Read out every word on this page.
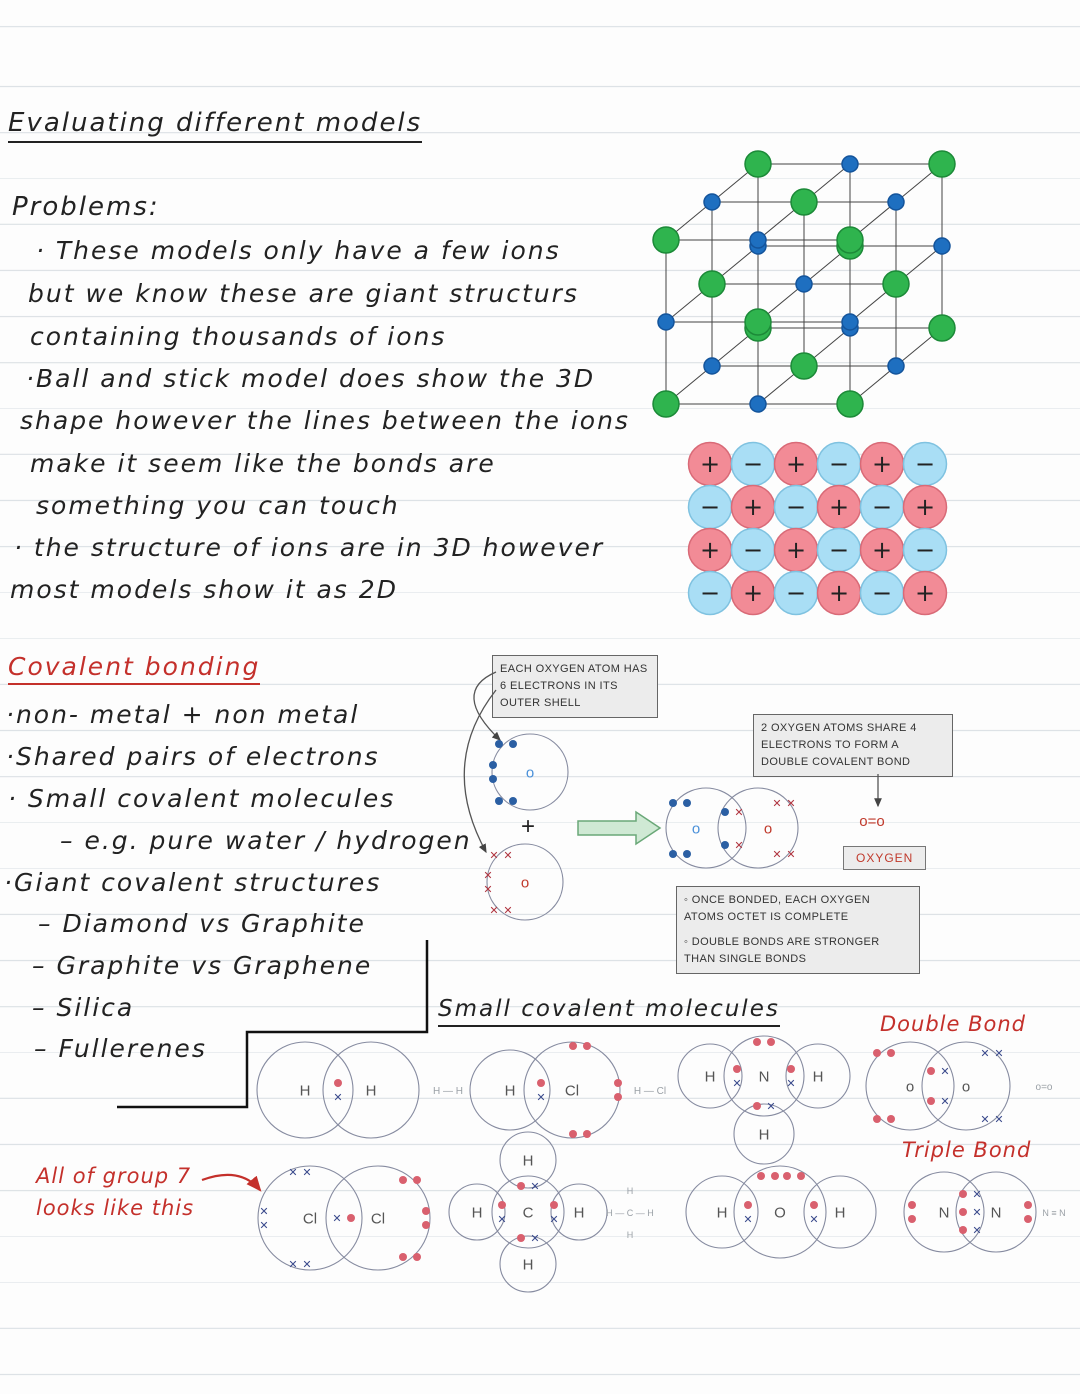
Evaluating different models
Problems:
· These models only have a few ions
but we know these are giant structurs
containing thousands of ions
·Ball and stick model does show the 3D
shape however the lines between the ions
make it seem like the bonds are
something you can touch
· the structure of ions are in 3D however
most models show it as 2D
Covalent bonding
·non- metal + non metal
·Shared pairs of electrons
· Small covalent molecules
– e.g. pure water / hydrogen
·Giant covalent structures
– Diamond vs Graphite
– Graphite vs Graphene
– Silica
– Fullerenes
EACH OXYGEN ATOM HAS 6 ELECTRONS IN ITS OUTER SHELL
2 OXYGEN ATOMS SHARE 4 ELECTRONS TO FORM A DOUBLE COVALENT BOND
OXYGEN

◦ ONCE BONDED, EACH OXYGEN ATOMS OCTET IS COMPLETE

◦ DOUBLE BONDS ARE STRONGER THAN SINGLE BONDS

Small covalent molecules
Double Bond
Triple Bond
All of group 7
looks like this
+ − + − + −
− + − + − +
+ − + − + −
− + − + − +
o
o
✕ ✕
✕
✕
✕ ✕
o	o
✕
✕
✕ ✕
✕ ✕
H	H
✕	H	Cl
✕
H	N	H
H
✕	✕
✕
o	o
✕
✕
✕ ✕
✕ ✕
Cl	Cl
✕
✕ ✕
✕
✕
✕ ✕
C
H
H	H
H
✕
✕	✕
✕
O
H	H
✕	✕	N	N
✕
✕
✕
+	o=o
H — H	H — Cl	o=o
H
H — C — H
H
N ≡ N
